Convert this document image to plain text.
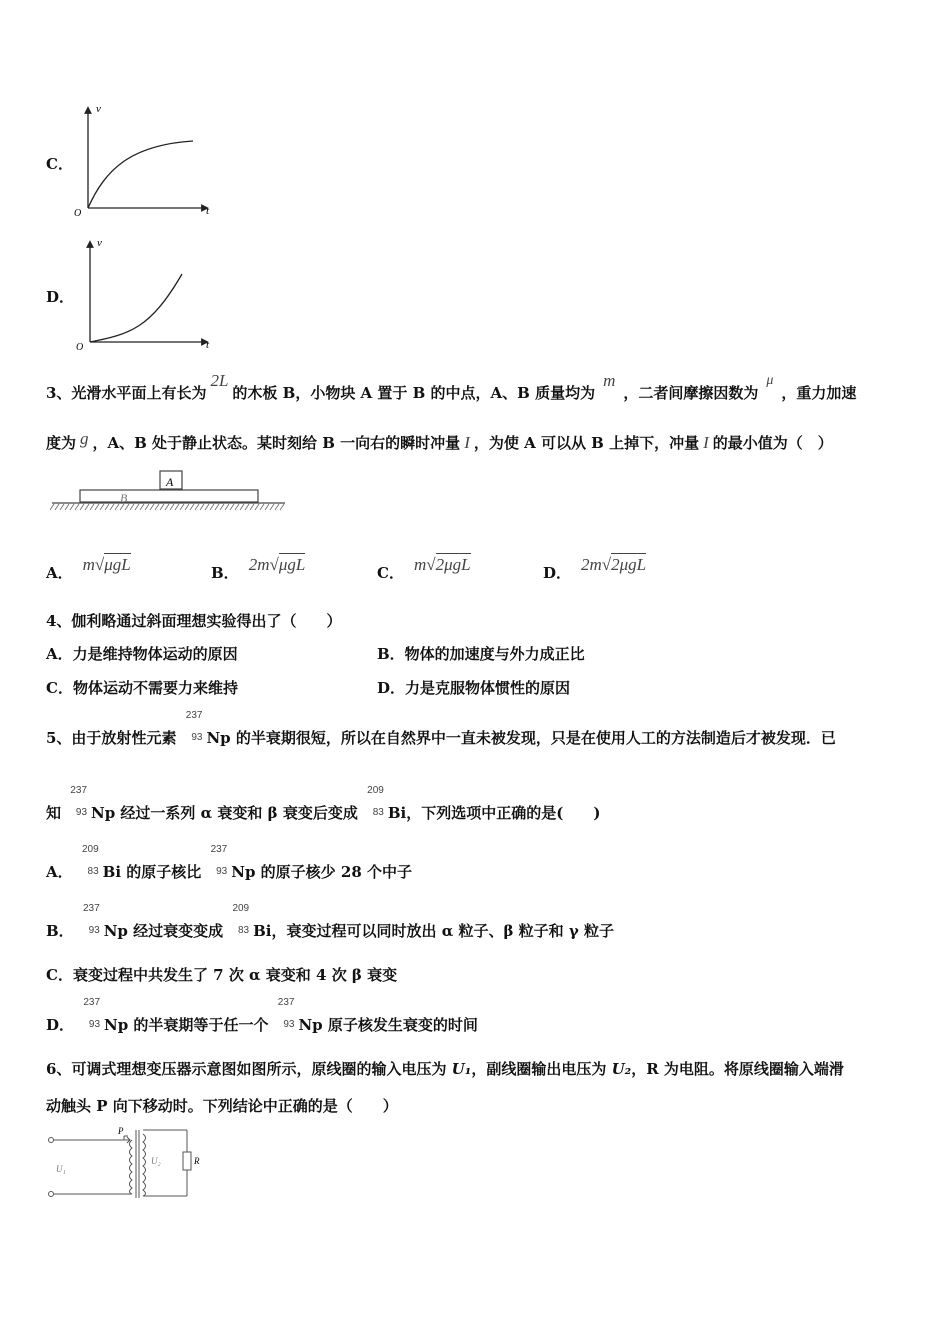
C．
v
t
O
D．
v
t
O
3、光滑水平面上有长为2L的木板 B，小物块 A 置于 B 的中点，A、B 质量均为m，二者间摩擦因数为μ，重力加速
度为 g ，A、B 处于静止状态。某时刻给 B 一向右的瞬时冲量 I ，为使 A 可以从 B 上掉下，冲量 I 的最小值为（　）
A
B
A． m√μgL	B． 2m√μgL	C． m√2μgL	D． 2m√2μgL
4、伽利略通过斜面理想实验得出了（　　）
A．力是维持物体运动的原因	B．物体的加速度与外力成正比
C．物体运动不需要力来维持	D．力是克服物体惯性的原因
5、由于放射性元素
237
93 Np 的半衰期很短，所以在自然界中一直未被发现，只是在使用人工的方法制造后才被发现．已
知
237
93 Np 经过一系列 α 衰变和 β 衰变后变成
209
83 Bi，下列选项中正确的是(　　)
A．
209
83 Bi 的原子核比
237
93 Np 的原子核少 28 个中子
B．
237
93 Np 经过衰变变成
209
83 Bi，衰变过程可以同时放出 α 粒子、β 粒子和 γ 粒子
C．衰变过程中共发生了 7 次 α 衰变和 4 次 β 衰变
D．
237
93 Np 的半衰期等于任一个
237
93 Np 原子核发生衰变的时间
6、可调式理想变压器示意图如图所示，原线圈的输入电压为 U₁，副线圈输出电压为 U₂，R 为电阻。将原线圈输入端滑
动触头 P 向下移动时。下列结论中正确的是（　　）
P
R
U₂
U₁
